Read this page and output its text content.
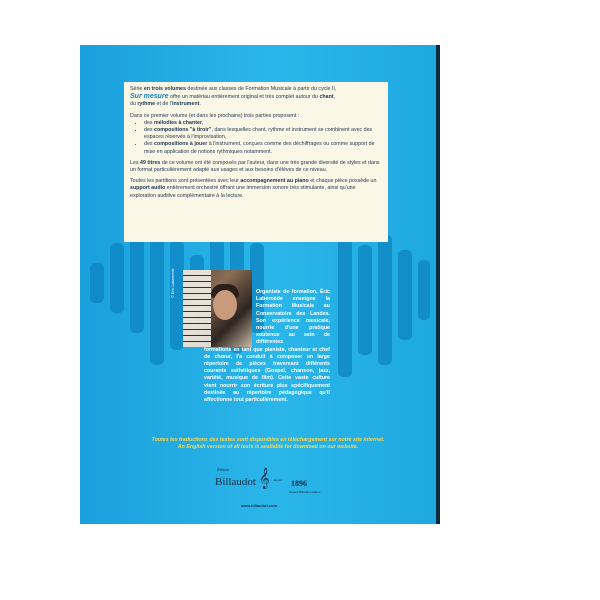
Série en trois volumes destinée aux classes de Formation Musicale à partir du cycle II,
Sur mesure offre un matériau entièrement original et très complet autour du chant,
du rythme et de l'instrument.

Dans ce premier volume (et dans les prochains) trois parties proposent :

• des mélodies à chanter,
• des compositions "à tiroir", dans lesquelles chant, rythme et instrument se combinent avec des espaces réservés à l'improvisation,
• des compositions à jouer à l'instrument, conçues comme des déchiffrages ou comme support de mise en application de notions rythmiques notamment.

Les 49 titres de ce volume ont été composés par l'auteur, dans une très grande diversité de styles et dans un format particulièrement adapté aux usages et aux besoins d'élèves de ce niveau.

Toutes les partitions sont présentées avec leur accompagnement au piano et chaque pièce possède un support audio entièrement orchestré offrant une immersion sonore très stimulante, ainsi qu'une exploration auditive complémentaire à la lecture.

© Eric Labernède	Organiste de formation, Éric Labernède enseigne la Formation Musicale au Conservatoire des Landes. Son expérience musicale, nourrie d'une pratique soutenue au sein de différentes
formations en tant que pianiste, chanteur et chef de chœur, l'a conduit à composer un large répertoire de pièces traversant différents courants esthétiques (Gospel, chanson, jazz, variété, musique de film). Cette vaste culture vient nourrir son écriture plus spécifiquement destinée au répertoire pédagogique qu'il affectionne tout particulièrement.
Toutes les traductions des textes sont disponibles en téléchargement sur notre site internet.
An English version of all texts is available for download on our website.
Éditions
Billaudot 𝄞 depuis	1896
Gérard Billaudot éditeur
www.billaudot.com
